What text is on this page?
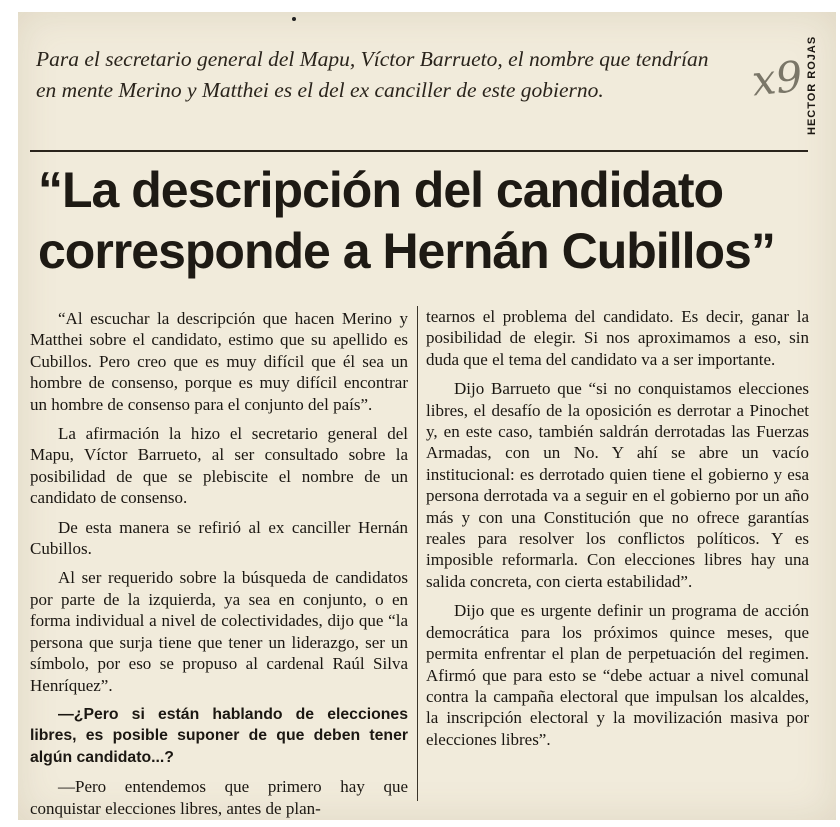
Para el secretario general del Mapu, Víctor Barrueto, el nombre que tendrían en mente Merino y Matthei es el del ex canciller de este gobierno.	HECTOR ROJAS
x9
“La descripción del candidato corresponde a Hernán Cubillos”

“Al escuchar la descripción que hacen Merino y Matthei sobre el candidato, estimo que su apellido es Cubillos. Pero creo que es muy difícil que él sea un hombre de consenso, porque es muy difícil encontrar un hombre de consenso para el conjunto del país”.

La afirmación la hizo el secretario general del Mapu, Víctor Barrueto, al ser consultado sobre la posibilidad de que se plebiscite el nombre de un candidato de consenso.

De esta manera se refirió al ex canciller Hernán Cubillos.

Al ser requerido sobre la búsqueda de candidatos por parte de la izquierda, ya sea en conjunto, o en forma individual a nivel de colectividades, dijo que “la persona que surja tiene que tener un liderazgo, ser un símbolo, por eso se propuso al cardenal Raúl Silva Henríquez”.

—¿Pero si están hablando de elecciones libres, es posible suponer de que deben tener algún candidato...?

—Pero entendemos que primero hay que conquistar elecciones libres, antes de plan-

tearnos el problema del candidato. Es decir, ganar la posibilidad de elegir. Si nos aproximamos a eso, sin duda que el tema del candidato va a ser importante.

Dijo Barrueto que “si no conquistamos elecciones libres, el desafío de la oposición es derrotar a Pinochet y, en este caso, también saldrán derrotadas las Fuerzas Armadas, con un No. Y ahí se abre un vacío institucional: es derrotado quien tiene el gobierno y esa persona derrotada va a seguir en el gobierno por un año más y con una Constitución que no ofrece garantías reales para resolver los conflictos políticos. Y es imposible reformarla. Con elecciones libres hay una salida concreta, con cierta estabilidad”.

Dijo que es urgente definir un programa de acción democrática para los próximos quince meses, que permita enfrentar el plan de perpetuación del regimen. Afirmó que para esto se “debe actuar a nivel comunal contra la campaña electoral que impulsan los alcaldes, la inscripción electoral y la movilización masiva por elecciones libres”.
